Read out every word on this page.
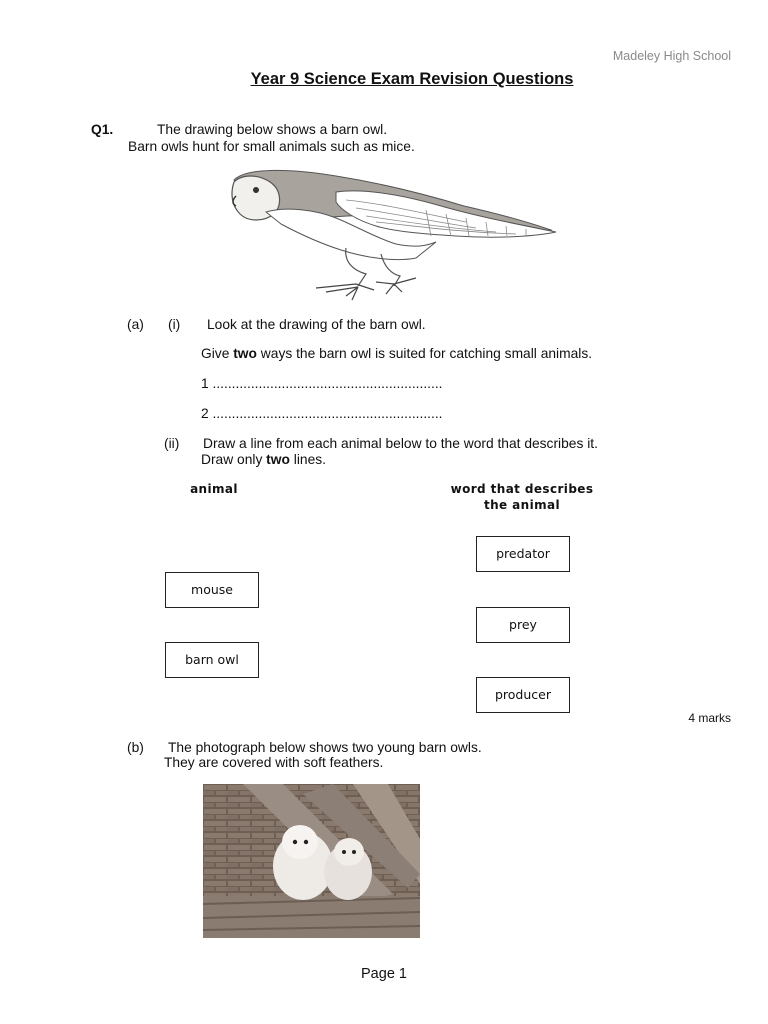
Madeley High School
Year 9 Science Exam Revision Questions
Q1.	The drawing below shows a barn owl.
Barn owls hunt for small animals such as mice.
(a) (i) Look at the drawing of the barn owl.
Give two ways the barn owl is suited for catching small animals.
1 ............................................................
2 ............................................................
(ii) Draw a line from each animal below to the word that describes it.
Draw only two lines.
animal	word that describes
the animal
predator
mouse
prey
barn owl
producer
4 marks
(b) The photograph below shows two young barn owls.
They are covered with soft feathers.
Page 1
